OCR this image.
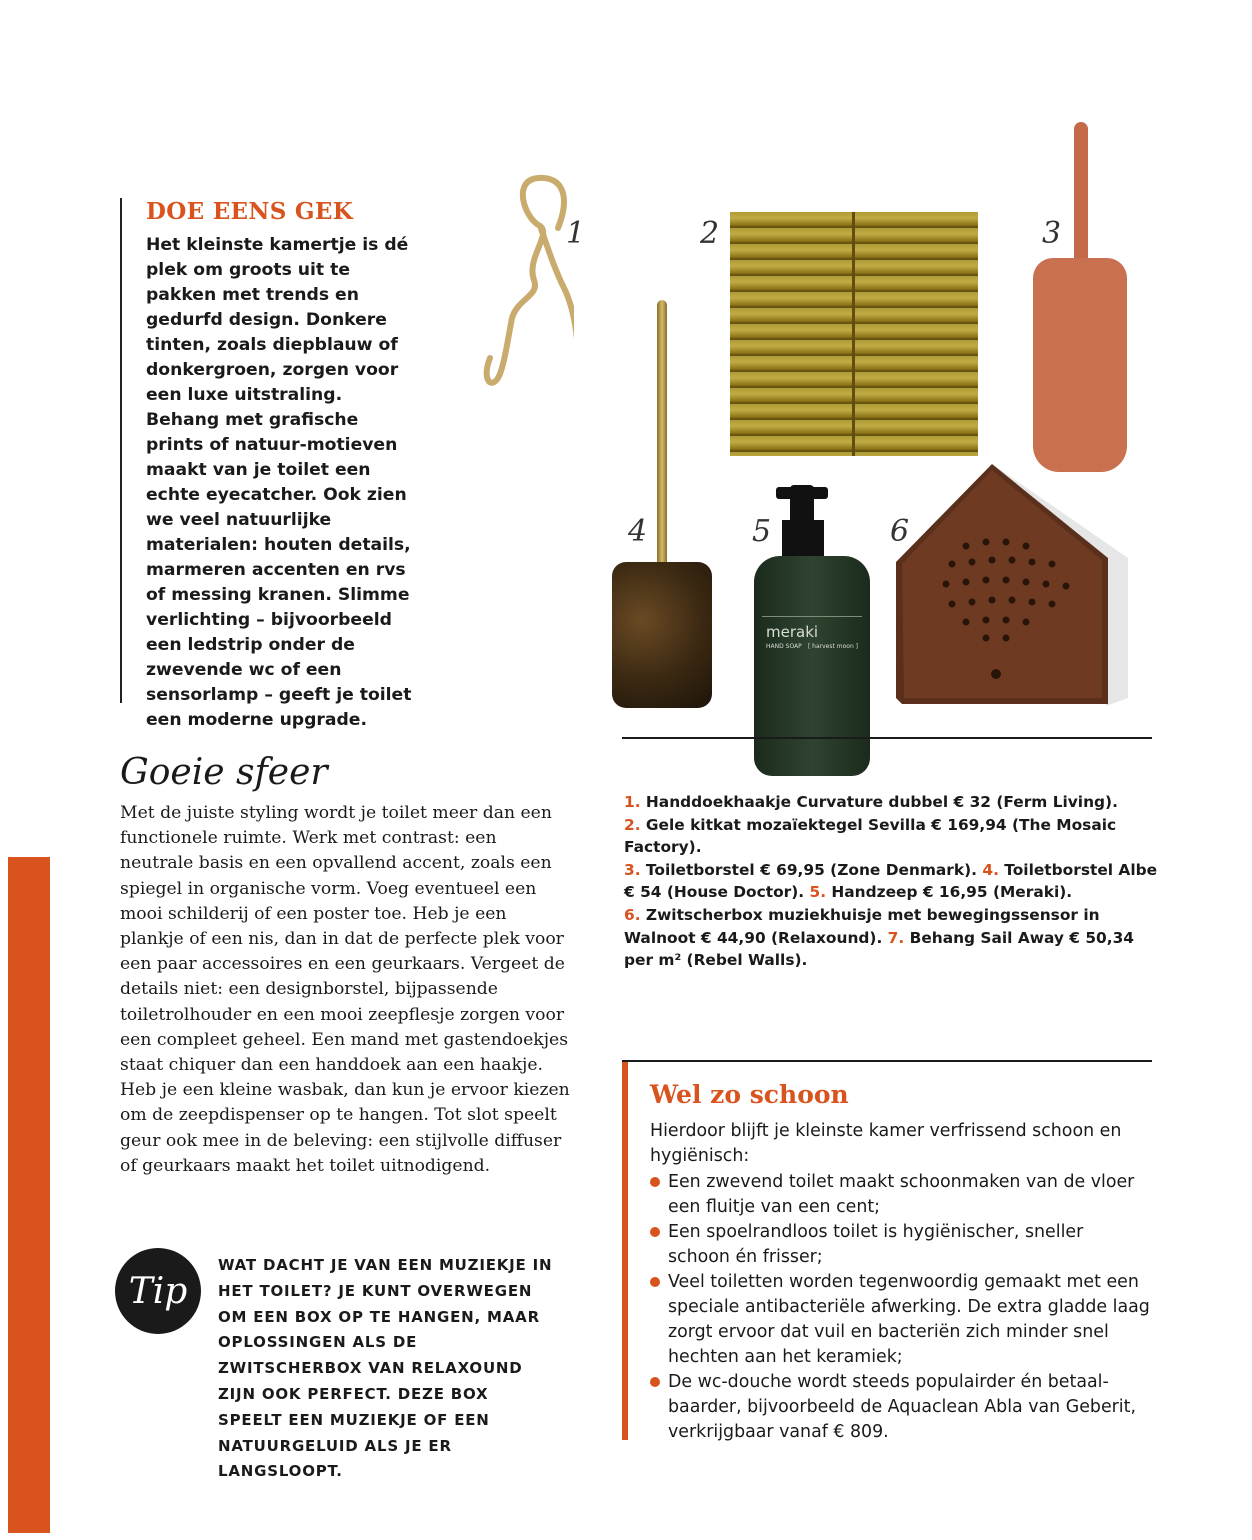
DOE EENS GEK

Het kleinste kamertje is dé plek om groots uit te pakken met trends en gedurfd design. Donkere tinten, zoals diepblauw of donkergroen, zorgen voor een luxe uitstraling. Behang met grafische prints of natuur-motieven maakt van je toilet een echte eyecatcher. Ook zien we veel natuurlijke materialen: houten details, marmeren accenten en rvs of messing kranen. Slimme verlichting – bijvoorbeeld een ledstrip onder de zwevende wc of een sensorlamp – geeft je toilet een moderne upgrade.

1	2	3
4	5
meraki
HAND SOAP [ harvest moon ]
6

1. Handdoekhaakje Curvature dubbel € 32 (Ferm Living).
2. Gele kitkat mozaïektegel Sevilla € 169,94 (The Mosaic Factory).
3. Toiletborstel € 69,95 (Zone Denmark). 4. Toiletborstel Albe € 54 (House Doctor). 5. Handzeep € 16,95 (Meraki).
6. Zwitscherbox muziekhuisje met bewegingssensor in Walnoot € 44,90 (Relaxound). 7. Behang Sail Away € 50,34 per m² (Rebel Walls).

Goeie sfeer

Met de juiste styling wordt je toilet meer dan een functionele ruimte. Werk met contrast: een neutrale basis en een opvallend accent, zoals een spiegel in organische vorm. Voeg eventueel een mooi schilderij of een poster toe. Heb je een plankje of een nis, dan in dat de perfecte plek voor een paar accessoires en een geurkaars. Vergeet de details niet: een designborstel, bijpassende toiletrolhouder en een mooi zeepflesje zorgen voor een compleet geheel. Een mand met gastendoekjes staat chiquer dan een handdoek aan een haakje. Heb je een kleine wasbak, dan kun je ervoor kiezen om de zeepdispenser op te hangen. Tot slot speelt geur ook mee in de beleving: een stijlvolle diffuser of geurkaars maakt het toilet uitnodigend.

Tip

WAT DACHT JE VAN EEN MUZIEKJE IN HET TOILET? JE KUNT OVERWEGEN OM EEN BOX OP TE HANGEN, MAAR OPLOSSINGEN ALS DE ZWITSCHERBOX VAN RELAXOUND ZIJN OOK PERFECT. DEZE BOX SPEELT EEN MUZIEKJE OF EEN NATUURGELUID ALS JE ER LANGSLOOPT.

Wel zo schoon

Hierdoor blijft je kleinste kamer verfrissend schoon en hygiënisch:

Een zwevend toilet maakt schoonmaken van de vloer een fluitje van een cent;
Een spoelrandloos toilet is hygiënischer, sneller schoon én frisser;
Veel toiletten worden tegenwoordig gemaakt met een speciale antibacteriële afwerking. De extra gladde laag zorgt ervoor dat vuil en bacteriën zich minder snel hechten aan het keramiek;
De wc-douche wordt steeds populairder én betaal-baarder, bijvoorbeeld de Aquaclean Abla van Geberit, verkrijgbaar vanaf € 809.
